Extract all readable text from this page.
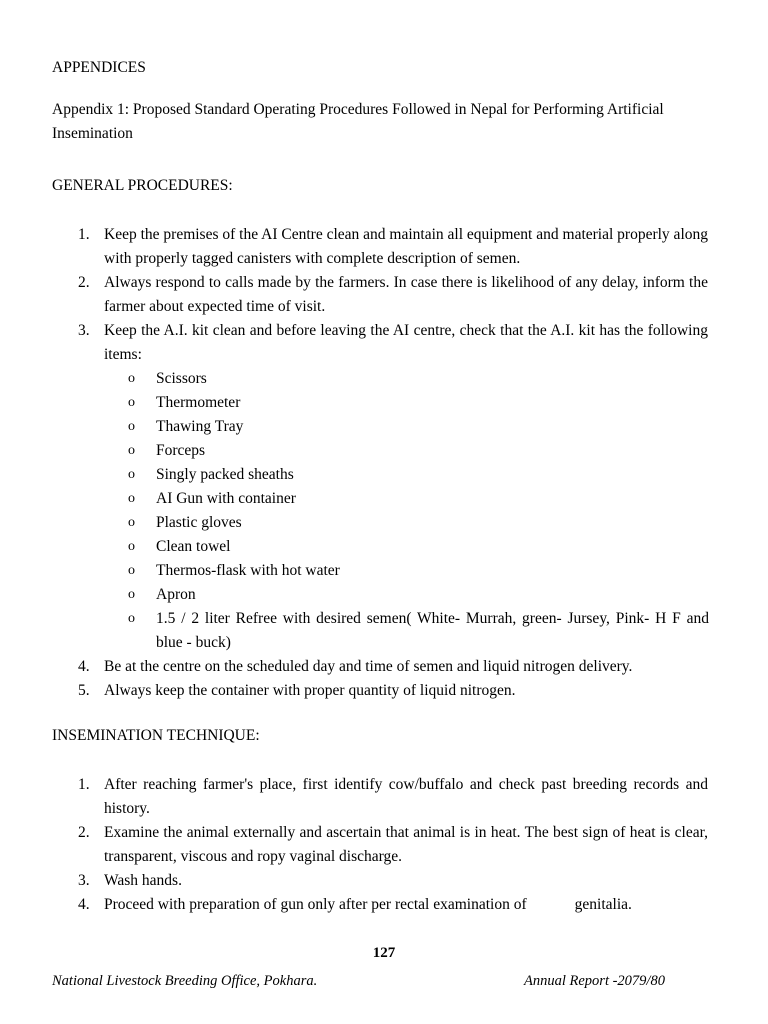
APPENDICES
Appendix 1: Proposed Standard Operating Procedures Followed in Nepal for Performing Artificial Insemination
GENERAL PROCEDURES:
1. Keep the premises of the AI Centre clean and maintain all equipment and material properly along with properly tagged canisters with complete description of semen.
2. Always respond to calls made by the farmers. In case there is likelihood of any delay, inform the farmer about expected time of visit.
3. Keep the A.I. kit clean and before leaving the AI centre, check that the A.I. kit has the following items:
o Scissors
o Thermometer
o Thawing Tray
o Forceps
o Singly packed sheaths
o AI Gun with container
o Plastic gloves
o Clean towel
o Thermos-flask with hot water
o Apron
o 1.5 / 2 liter Refree with desired semen( White- Murrah, green- Jursey, Pink- H F and blue - buck)
4. Be at the centre on the scheduled day and time of semen and liquid nitrogen delivery.
5. Always keep the container with proper quantity of liquid nitrogen.
INSEMINATION TECHNIQUE:
1. After reaching farmer's place, first identify cow/buffalo and check past breeding records and history.
2. Examine the animal externally and ascertain that animal is in heat. The best sign of heat is clear, transparent, viscous and ropy vaginal discharge.
3. Wash hands.
4. Proceed with preparation of gun only after per rectal examination of	genitalia.
127
National Livestock Breeding Office, Pokhara.	Annual Report -2079/80
